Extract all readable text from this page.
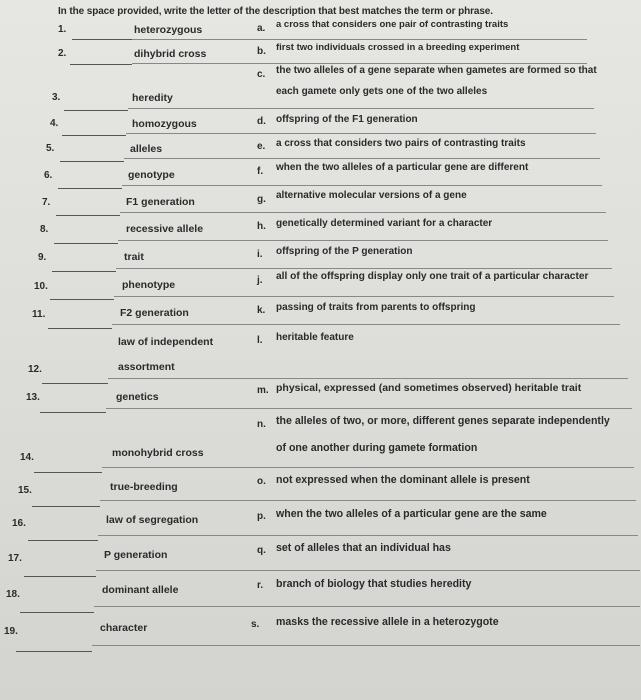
In the space provided, write the letter of the description that best matches the term or phrase.
1.
2.
3.
4.
5.
6.
7.
8.
9.
10.
11.
12.
13.
14.
15.
16.
17.
18.
19.
heterozygous
dihybrid cross
heredity
homozygous
alleles
genotype
F1 generation
recessive allele
trait
phenotype
F2 generation
law of independent
assortment
genetics
monohybrid cross
true-breeding
law of segregation
P generation
dominant allele
character
a.
b.
c.
d.
e.
f.
g.
h.
i.
j.
k.
l.
m.
n.
o.
p.
q.
r.
s.
a cross that considers one pair of contrasting traits
first two individuals crossed in a breeding experiment
the two alleles of a gene separate when gametes are formed so that
each gamete only gets one of the two alleles
offspring of the F1 generation
a cross that considers two pairs of contrasting traits
when the two alleles of a particular gene are different
alternative molecular versions of a gene
genetically determined variant for a character
offspring of the P generation
all of the offspring display only one trait of a particular character
passing of traits from parents to offspring
heritable feature
physical, expressed (and sometimes observed) heritable trait
the alleles of two, or more, different genes separate independently
of one another during gamete formation
not expressed when the dominant allele is present
when the two alleles of a particular gene are the same
set of alleles that an individual has
branch of biology that studies heredity
masks the recessive allele in a heterozygote
